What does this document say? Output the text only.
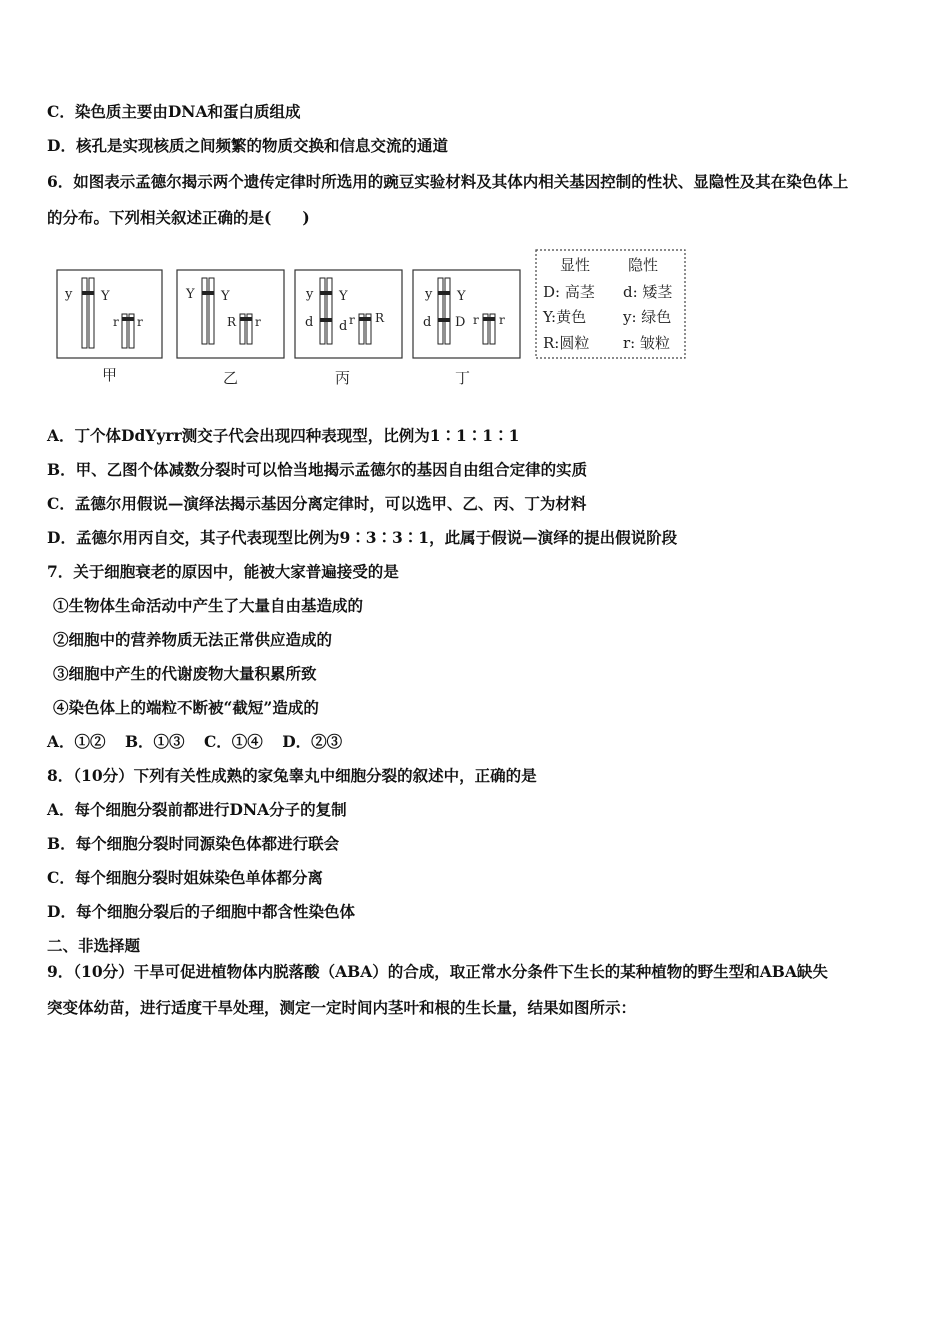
C．染色质主要由DNA和蛋白质组成
D．核孔是实现核质之间频繁的物质交换和信息交流的通道
6．如图表示孟德尔揭示两个遗传定律时所选用的豌豆实验材料及其体内相关基因控制的性状、显隐性及其在染色体上
的分布。下列相关叙述正确的是(　　)
y Y
r r
甲
Y Y
R r
乙
y Y
d d r R
丙
y Y
d D r r
丁
显性	隐性
D: 高茎 d: 矮茎
Y:黄色 y: 绿色
R:圆粒 r: 皱粒
A．丁个体DdYyrr测交子代会出现四种表现型，比例为1∶1∶1∶1
B．甲、乙图个体减数分裂时可以恰当地揭示孟德尔的基因自由组合定律的实质
C．孟德尔用假说—演绎法揭示基因分离定律时，可以选甲、乙、丙、丁为材料
D．孟德尔用丙自交，其子代表现型比例为9∶3∶3∶1，此属于假说—演绎的提出假说阶段
7．关于细胞衰老的原因中，能被大家普遍接受的是
①生物体生命活动中产生了大量自由基造成的
②细胞中的营养物质无法正常供应造成的
③细胞中产生的代谢废物大量积累所致
④染色体上的端粒不断被“截短”造成的
A．①② B．①③ C．①④ D．②③
8．（10分）下列有关性成熟的家兔睾丸中细胞分裂的叙述中，正确的是
A．每个细胞分裂前都进行DNA分子的复制
B．每个细胞分裂时同源染色体都进行联会
C．每个细胞分裂时姐妹染色单体都分离
D．每个细胞分裂后的子细胞中都含性染色体
二、非选择题
9．（10分）干旱可促进植物体内脱落酸（ABA）的合成，取正常水分条件下生长的某种植物的野生型和ABA缺失
突变体幼苗，进行适度干旱处理，测定一定时间内茎叶和根的生长量，结果如图所示：
